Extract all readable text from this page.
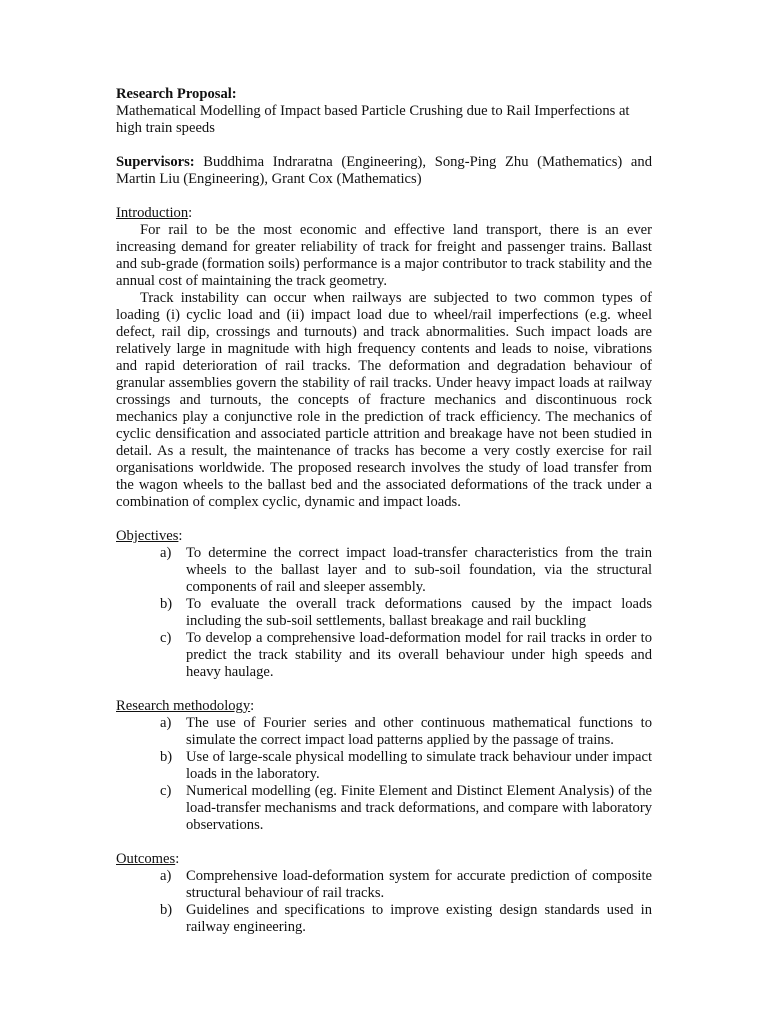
Research Proposal:

Mathematical Modelling of Impact based Particle Crushing due to Rail Imperfections at high train speeds

Supervisors: Buddhima Indraratna (Engineering), Song-Ping Zhu (Mathematics) and Martin Liu (Engineering), Grant Cox (Mathematics)

Introduction:

For rail to be the most economic and effective land transport, there is an ever increasing demand for greater reliability of track for freight and passenger trains. Ballast and sub-grade (formation soils) performance is a major contributor to track stability and the annual cost of maintaining the track geometry.

Track instability can occur when railways are subjected to two common types of loading (i) cyclic load and (ii) impact load due to wheel/rail imperfections (e.g. wheel defect, rail dip, crossings and turnouts) and track abnormalities. Such impact loads are relatively large in magnitude with high frequency contents and leads to noise, vibrations and rapid deterioration of rail tracks. The deformation and degradation behaviour of granular assemblies govern the stability of rail tracks. Under heavy impact loads at railway crossings and turnouts, the concepts of fracture mechanics and discontinuous rock mechanics play a conjunctive role in the prediction of track efficiency. The mechanics of cyclic densification and associated particle attrition and breakage have not been studied in detail. As a result, the maintenance of tracks has become a very costly exercise for rail organisations worldwide. The proposed research involves the study of load transfer from the wagon wheels to the ballast bed and the associated deformations of the track under a combination of complex cyclic, dynamic and impact loads.

Objectives:

a) To determine the correct impact load-transfer characteristics from the train wheels to the ballast layer and to sub-soil foundation, via the structural components of rail and sleeper assembly.
b) To evaluate the overall track deformations caused by the impact loads including the sub-soil settlements, ballast breakage and rail buckling
c) To develop a comprehensive load-deformation model for rail tracks in order to predict the track stability and its overall behaviour under high speeds and heavy haulage.

Research methodology:

a) The use of Fourier series and other continuous mathematical functions to simulate the correct impact load patterns applied by the passage of trains.
b) Use of large-scale physical modelling to simulate track behaviour under impact loads in the laboratory.
c) Numerical modelling (eg. Finite Element and Distinct Element Analysis) of the load-transfer mechanisms and track deformations, and compare with laboratory observations.

Outcomes:

a) Comprehensive load-deformation system for accurate prediction of composite structural behaviour of rail tracks.
b) Guidelines and specifications to improve existing design standards used in railway engineering.
